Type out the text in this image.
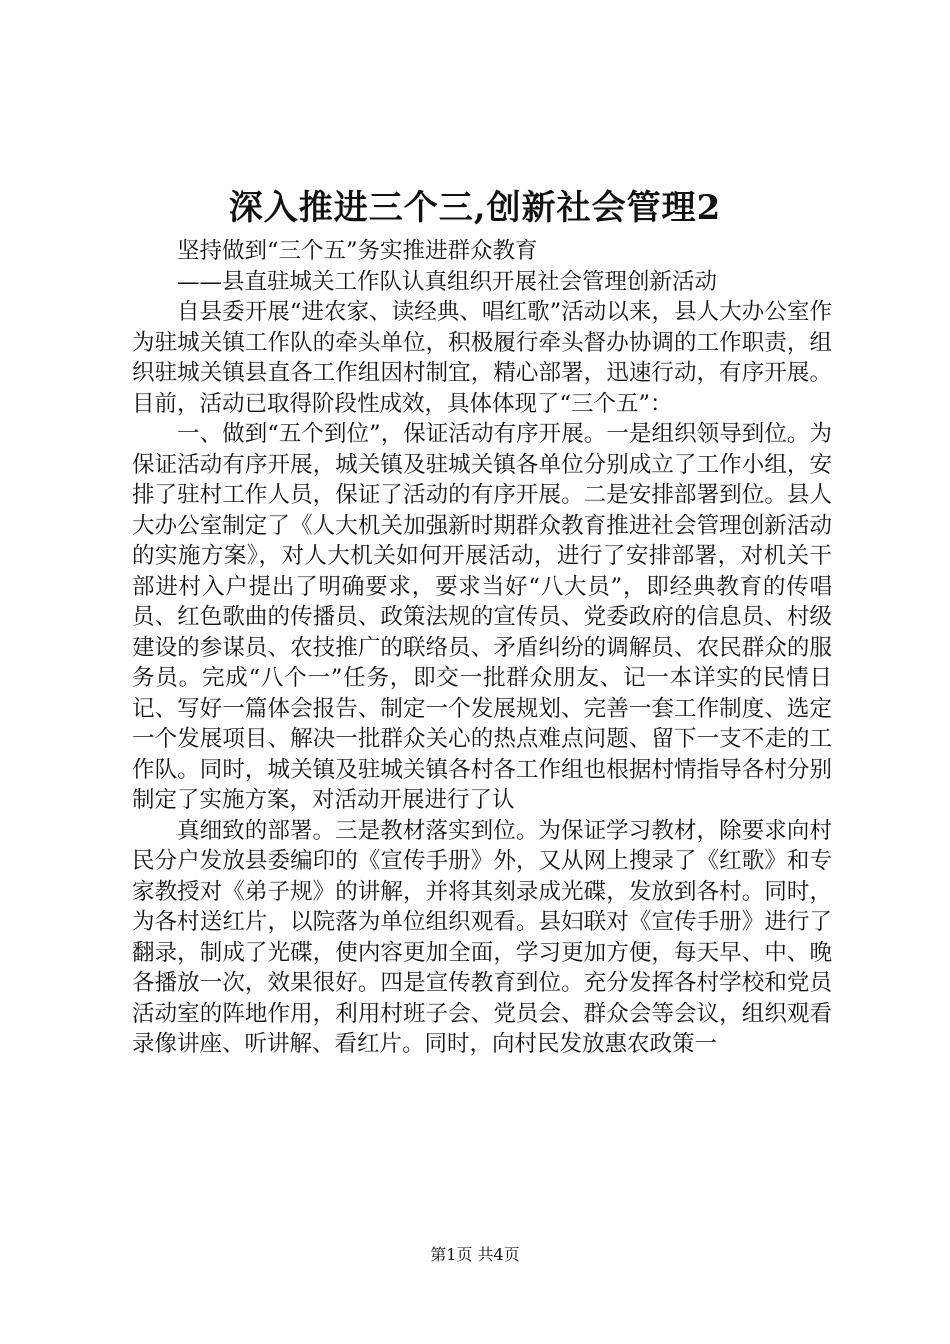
深入推进三个三,创新社会管理2

坚持做到“三个五”务实推进群众教育

——县直驻城关工作队认真组织开展社会管理创新活动

自县委开展“进农家、读经典、唱红歌”活动以来，县人大办公室作为驻城关镇工作队的牵头单位，积极履行牵头督办协调的工作职责，组织驻城关镇县直各工作组因村制宜，精心部署，迅速行动，有序开展。目前，活动已取得阶段性成效，具体体现了“三个五”：

一、做到“五个到位”，保证活动有序开展。一是组织领导到位。为保证活动有序开展，城关镇及驻城关镇各单位分别成立了工作小组，安排了驻村工作人员，保证了活动的有序开展。二是安排部署到位。县人大办公室制定了《人大机关加强新时期群众教育推进社会管理创新活动的实施方案》，对人大机关如何开展活动，进行了安排部署，对机关干部进村入户提出了明确要求，要求当好“八大员”，即经典教育的传唱员、红色歌曲的传播员、政策法规的宣传员、党委政府的信息员、村级建设的参谋员、农技推广的联络员、矛盾纠纷的调解员、农民群众的服务员。完成“八个一”任务，即交一批群众朋友、记一本详实的民情日记、写好一篇体会报告、制定一个发展规划、完善一套工作制度、选定一个发展项目、解决一批群众关心的热点难点问题、留下一支不走的工作队。同时，城关镇及驻城关镇各村各工作组也根据村情指导各村分别制定了实施方案，对活动开展进行了认

真细致的部署。三是教材落实到位。为保证学习教材，除要求向村民分户发放县委编印的《宣传手册》外，又从网上搜录了《红歌》和专家教授对《弟子规》的讲解，并将其刻录成光碟，发放到各村。同时，为各村送红片，以院落为单位组织观看。县妇联对《宣传手册》进行了翻录，制成了光碟，使内容更加全面，学习更加方便，每天早、中、晚各播放一次，效果很好。四是宣传教育到位。充分发挥各村学校和党员活动室的阵地作用，利用村班子会、党员会、群众会等会议，组织观看录像讲座、听讲解、看红片。同时，向村民发放惠农政策一

第1页 共4页
